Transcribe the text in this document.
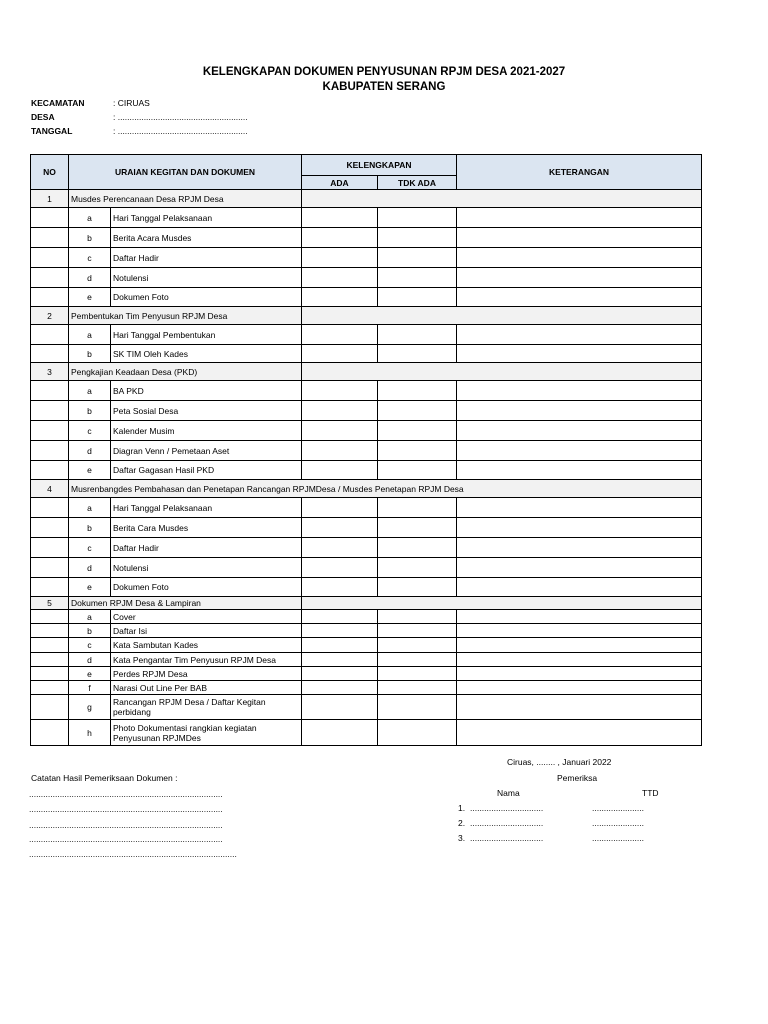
KELENGKAPAN DOKUMEN PENYUSUNAN RPJM DESA 2021-2027
KABUPATEN SERANG
KECAMATAN	: CIRUAS
DESA	: .......................................................
TANGGAL	: .......................................................
NO	URAIAN KEGITAN DAN DOKUMEN		KELENGKAPAN		KETERANGAN
			ADA	TDK ADA	
1	Musdes Perencanaan Desa RPJM Desa				
	a	Hari Tanggal Pelaksanaan			
	b	Berita Acara Musdes			
	c	Daftar Hadir			
	d	Notulensi			
	e	Dokumen Foto			
2	Pembentukan Tim Penyusun RPJM Desa				
	a	Hari Tanggal Pembentukan			
	b	SK TIM Oleh Kades			
3	Pengkajian Keadaan Desa (PKD)				
	a	BA PKD			
	b	Peta Sosial Desa			
	c	Kalender Musim			
	d	Diagran Venn / Pemetaan Aset			
	e	Daftar Gagasan Hasil PKD			
4	Musrenbangdes Pembahasan dan Penetapan Rancangan RPJMDesa / Musdes Penetapan RPJM Desa				
	a	Hari Tanggal Pelaksanaan			
	b	Berita Cara Musdes			
	c	Daftar Hadir			
	d	Notulensi			
	e	Dokumen Foto			
5	Dokumen RPJM Desa & Lampiran				
	a	Cover			
	b	Daftar Isi			
	c	Kata Sambutan Kades			
	d	Kata Pengantar Tim Penyusun RPJM Desa			
	e	Perdes RPJM Desa			
	f	Narasi Out Line Per BAB			
	g	Rancangan RPJM Desa / Daftar Kegitan perbidang			
	h	Photo Dokumentasi rangkian kegiatan Penyusunan RPJMDes			
Ciruas, ........ , Januari 2022
Catatan Hasil Pemeriksaan Dokumen :	Pemeriksa
Nama	TTD
..................................................................................
..................................................................................
..................................................................................
..................................................................................
........................................................................................
1. ...............................	......................
2. ...............................	......................
3. ...............................	......................
